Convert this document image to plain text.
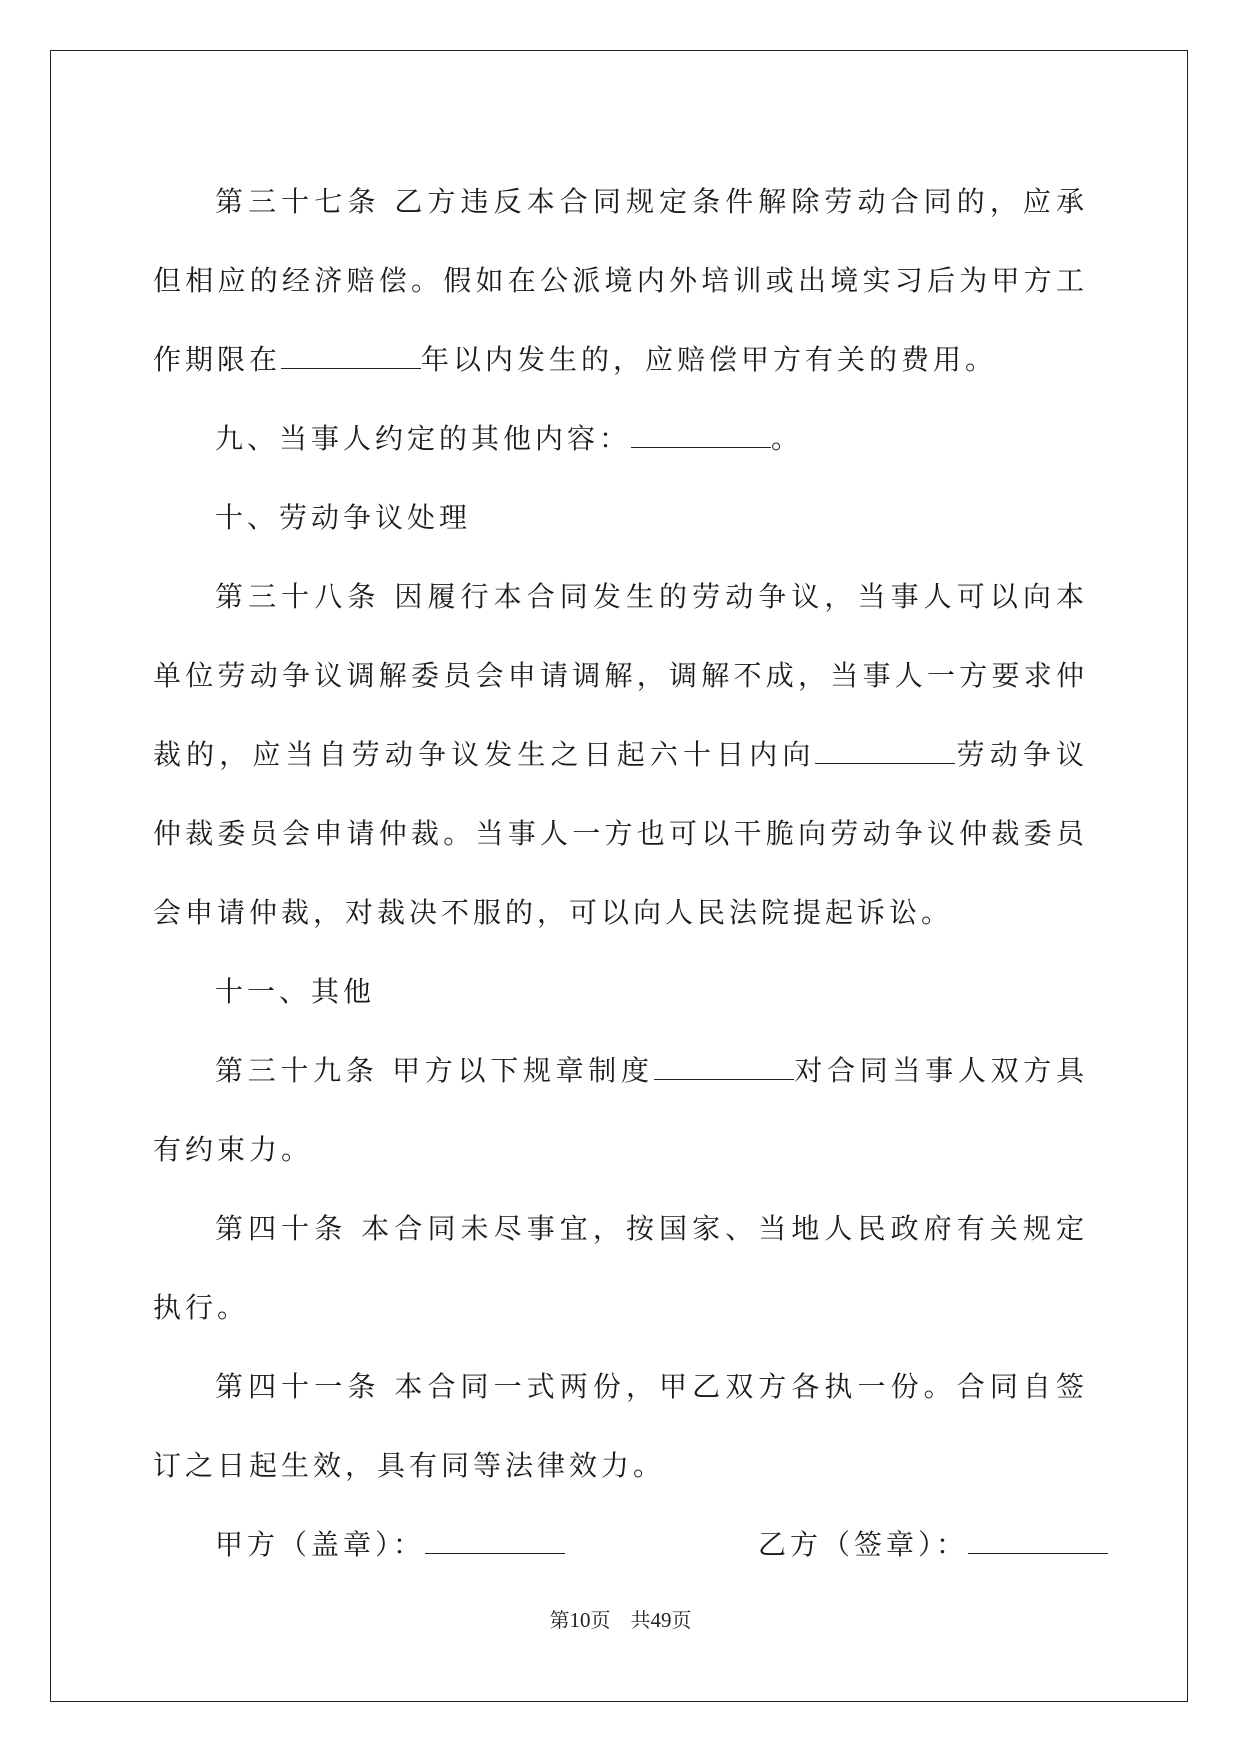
第三十七条 乙方违反本合同规定条件解除劳动合同的，应承但相应的经济赔偿。假如在公派境内外培训或出境实习后为甲方工作期限在	年以内发生的，应赔偿甲方有关的费用。

九、当事人约定的其他内容：	。

十、劳动争议处理

第三十八条 因履行本合同发生的劳动争议，当事人可以向本单位劳动争议调解委员会申请调解，调解不成，当事人一方要求仲裁的，应当自劳动争议发生之日起六十日内向	劳动争议仲裁委员会申请仲裁。当事人一方也可以干脆向劳动争议仲裁委员会申请仲裁，对裁决不服的，可以向人民法院提起诉讼。

十一、其他

第三十九条 甲方以下规章制度	对合同当事人双方具有约束力。

第四十条 本合同未尽事宜，按国家、当地人民政府有关规定执行。

第四十一条 本合同一式两份，甲乙双方各执一份。合同自签订之日起生效，具有同等法律效力。

甲方（盖章）：	乙方（签章）：
第10页　共49页
